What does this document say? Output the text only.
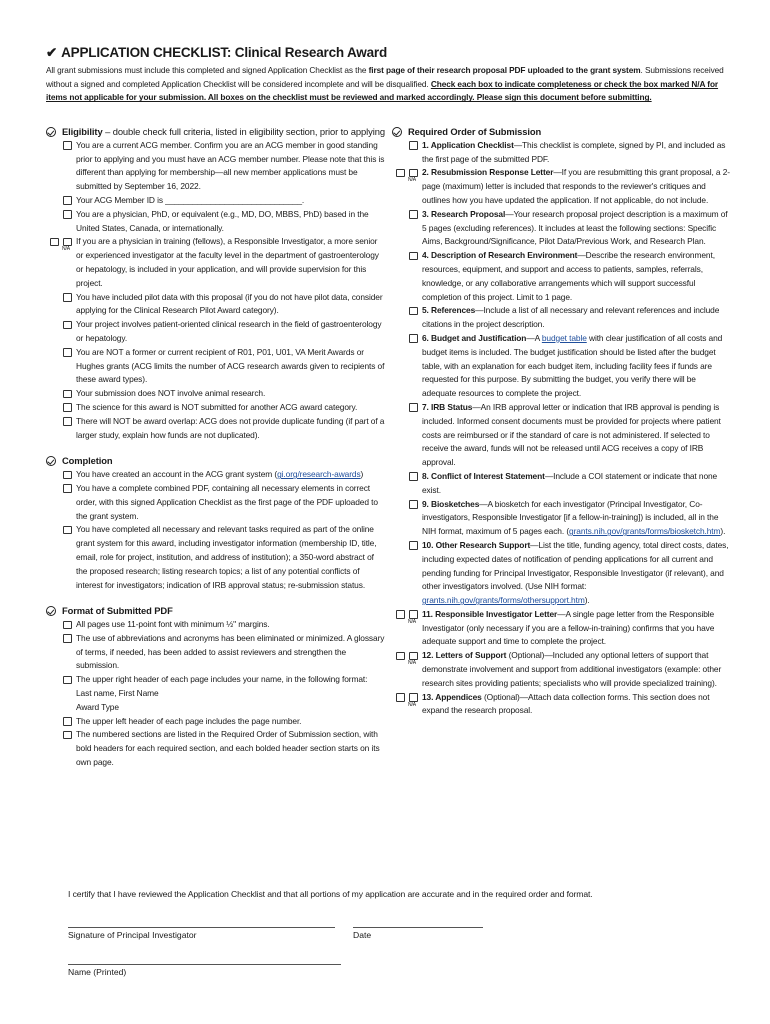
✔ APPLICATION CHECKLIST: Clinical Research Award
All grant submissions must include this completed and signed Application Checklist as the first page of their research proposal PDF uploaded to the grant system. Submissions received without a signed and completed Application Checklist will be considered incomplete and will be disqualified. Check each box to indicate completeness or check the box marked N/A for items not applicable for your submission. All boxes on the checklist must be reviewed and marked accordingly. Please sign this document before submitting.
Eligibility – double check full criteria, listed in eligibility section, prior to applying
You are a current ACG member. Confirm you are an ACG member in good standing prior to applying and you must have an ACG member number. Please note that this is different than applying for membership—all new member applications must be submitted by September 16, 2022.
Your ACG Member ID is ______________________________.
You are a physician, PhD, or equivalent (e.g., MD, DO, MBBS, PhD) based in the United States, Canada, or internationally.
N/A
If you are a physician in training (fellows), a Responsible Investigator, a more senior or experienced investigator at the faculty level in the department of gastroenterology or hepatology, is included in your application, and will provide supervision for this project.
You have included pilot data with this proposal (if you do not have pilot data, consider applying for the Clinical Research Pilot Award category).
Your project involves patient-oriented clinical research in the field of gastroenterology or hepatology.
You are NOT a former or current recipient of R01, P01, U01, VA Merit Awards or Hughes grants (ACG limits the number of ACG research awards given to recipients of these award types).
Your submission does NOT involve animal research.
The science for this award is NOT submitted for another ACG award category.
There will NOT be award overlap: ACG does not provide duplicate funding (if part of a larger study, explain how funds are not duplicated).
Completion
You have created an account in the ACG grant system (gi.org/research-awards)
You have a complete combined PDF, containing all necessary elements in correct order, with this signed Application Checklist as the first page of the PDF uploaded to the grant system.
You have completed all necessary and relevant tasks required as part of the online grant system for this award, including investigator information (membership ID, title, email, role for project, institution, and address of institution); a 350-word abstract of the proposed research; listing research topics; a list of any potential conflicts of interest for investigators; indication of IRB approval status; re-submission status.
Format of Submitted PDF
All pages use 11-point font with minimum ½" margins.
The use of abbreviations and acronyms has been eliminated or minimized. A glossary of terms, if needed, has been added to assist reviewers and strengthen the submission.
The upper right header of each page includes your name, in the following format:
Last name, First Name
Award Type
The upper left header of each page includes the page number.
The numbered sections are listed in the Required Order of Submission section, with bold headers for each required section, and each bolded header section starts on its own page.
Required Order of Submission
1. Application Checklist—This checklist is complete, signed by PI, and included as the first page of the submitted PDF.
N/A
2. Resubmission Response Letter—If you are resubmitting this grant proposal, a 2-page (maximum) letter is included that responds to the reviewer's critiques and outlines how you have updated the application. If not applicable, do not include.
3. Research Proposal—Your research proposal project description is a maximum of 5 pages (excluding references). It includes at least the following sections: Specific Aims, Background/Significance, Pilot Data/Previous Work, and Research Plan.
4. Description of Research Environment—Describe the research environment, resources, equipment, and support and access to patients, samples, referrals, knowledge, or any collaborative arrangements which will support successful completion of this project. Limit to 1 page.
5. References—Include a list of all necessary and relevant references and include citations in the project description.
6. Budget and Justification—A budget table with clear justification of all costs and budget items is included. The budget justification should be listed after the budget table, with an explanation for each budget item, including facility fees if funds are requested for this purpose. By submitting the budget, you verify there will be adequate resources to complete the project.
7. IRB Status—An IRB approval letter or indication that IRB approval is pending is included. Informed consent documents must be provided for projects where patient costs are reimbursed or if the standard of care is not administered. If selected to receive the award, funds will not be released until ACG receives a copy of IRB approval.
8. Conflict of Interest Statement—Include a COI statement or indicate that none exist.
9. Biosketches—A biosketch for each investigator (Principal Investigator, Co-investigators, Responsible Investigator [if a fellow-in-training]) is included, all in the NIH format, maximum of 5 pages each. (grants.nih.gov/grants/forms/biosketch.htm).
10. Other Research Support—List the title, funding agency, total direct costs, dates, including expected dates of notification of pending applications for all current and pending funding for Principal Investigator, Responsible Investigator (if relevant), and other investigators involved. (Use NIH format: grants.nih.gov/grants/forms/othersupport.htm).
N/A
11. Responsible Investigator Letter—A single page letter from the Responsible Investigator (only necessary if you are a fellow-in-training) confirms that you have adequate support and time to complete the project.
N/A
12. Letters of Support (Optional)—Included any optional letters of support that demonstrate involvement and support from additional investigators (example: other research sites providing patients; specialists who will provide specialized training).
N/A
13. Appendices (Optional)—Attach data collection forms. This section does not expand the research proposal.
I certify that I have reviewed the Application Checklist and that all portions of my application are accurate and in the required order and format.
Signature of Principal Investigator	Date
Name (Printed)
